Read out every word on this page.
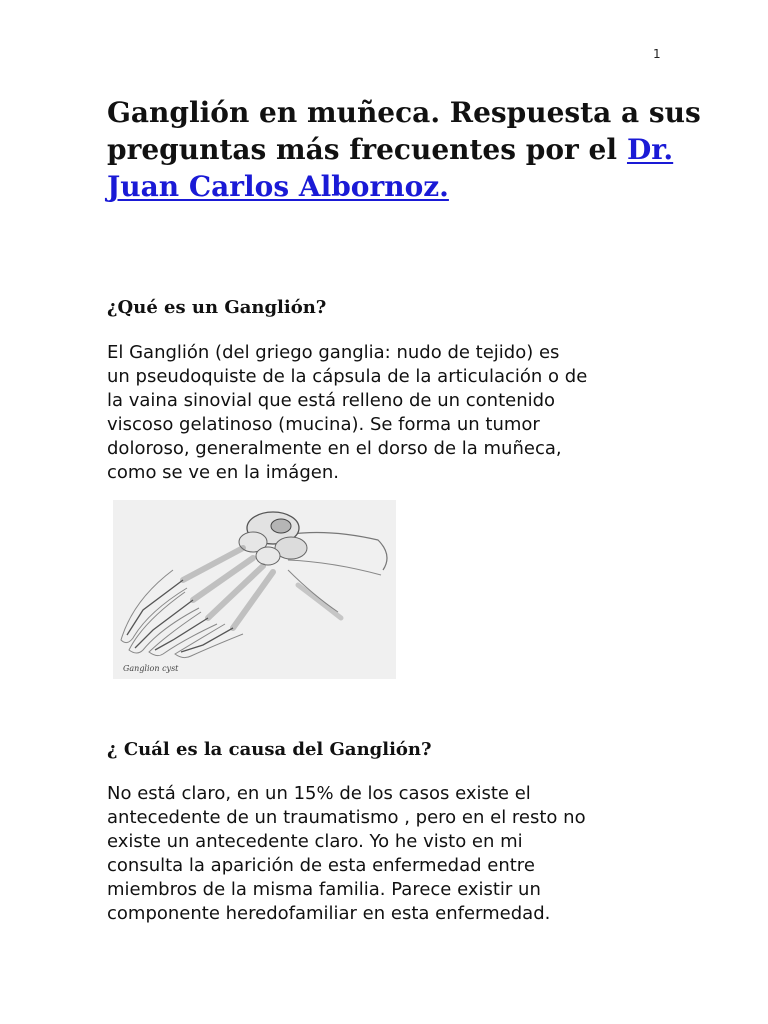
1
Ganglión en muñeca. Respuesta a sus preguntas más frecuentes por el Dr. Juan Carlos Albornoz.
¿Qué es un Ganglión?

El Ganglión (del griego ganglia: nudo de tejido) es
un pseudoquiste de la cápsula de la articulación o de
la vaina sinovial que está relleno de un contenido
viscoso gelatinoso (mucina). Se forma un tumor
doloroso, generalmente en el dorso de la muñeca,
como se ve en la imágen.

Ganglion cyst
¿ Cuál es la causa del Ganglión?

No está claro, en un 15% de los casos existe el
antecedente de un traumatismo , pero en el resto no
existe un antecedente claro. Yo he visto en mi
consulta la aparición de esta enfermedad entre
miembros de la misma familia. Parece existir un
componente heredofamiliar en esta enfermedad.
